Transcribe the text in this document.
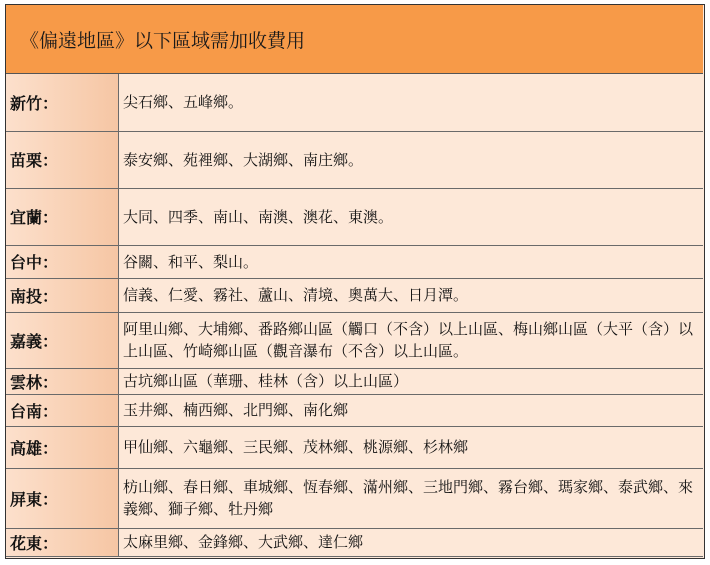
《偏遠地區》以下區域需加收費用
新竹：	尖石鄉、五峰鄉。
苗栗：	泰安鄉、苑裡鄉、大湖鄉、南庄鄉。
宜蘭：	大同、四季、南山、南澳、澳花、東澳。
台中：	谷關、和平、梨山。
南投：	信義、仁愛、霧社、蘆山、清境、奧萬大、日月潭。
嘉義：	阿里山鄉、大埔鄉、番路鄉山區（觸口（不含）以上山區、梅山鄉山區（大平（含）以上山區、竹崎鄉山區（觀音瀑布（不含）以上山區。
雲林：	古坑鄉山區（華珊、桂林（含）以上山區）
台南：	玉井鄉、楠西鄉、北門鄉、南化鄉
高雄：	甲仙鄉、六龜鄉、三民鄉、茂林鄉、桃源鄉、杉林鄉
屏東：	枋山鄉、春日鄉、車城鄉、恆春鄉、滿州鄉、三地門鄉、霧台鄉、瑪家鄉、泰武鄉、來義鄉、獅子鄉、牡丹鄉
花東：	太麻里鄉、金鋒鄉、大武鄉、達仁鄉
